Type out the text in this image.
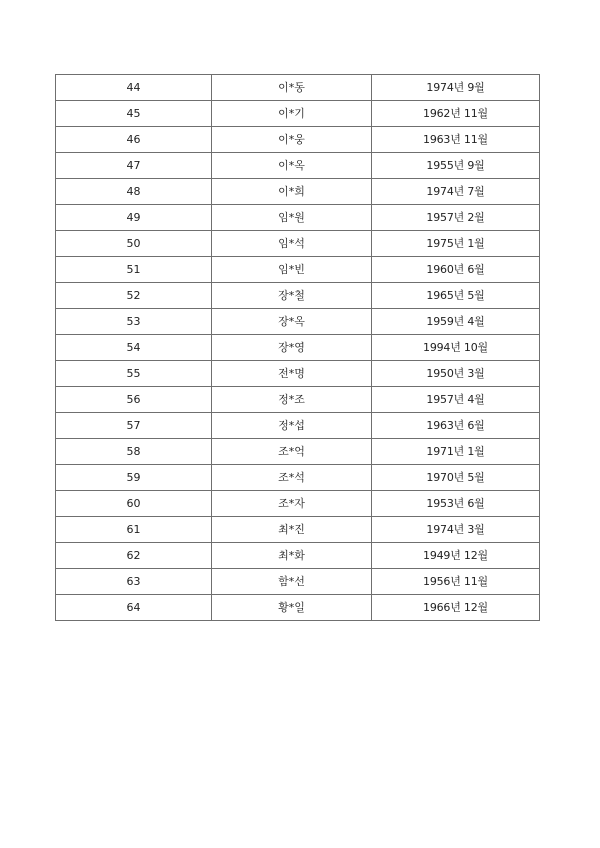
44	이*동	1974년 9월
45	이*기	1962년 11월
46	이*웅	1963년 11월
47	이*옥	1955년 9월
48	이*희	1974년 7월
49	임*원	1957년 2월
50	임*석	1975년 1월
51	임*빈	1960년 6월
52	장*철	1965년 5월
53	장*옥	1959년 4월
54	장*영	1994년 10월
55	전*명	1950년 3월
56	정*조	1957년 4월
57	정*섭	1963년 6월
58	조*억	1971년 1월
59	조*석	1970년 5월
60	조*자	1953년 6월
61	최*진	1974년 3월
62	최*화	1949년 12월
63	함*선	1956년 11월
64	황*일	1966년 12월
